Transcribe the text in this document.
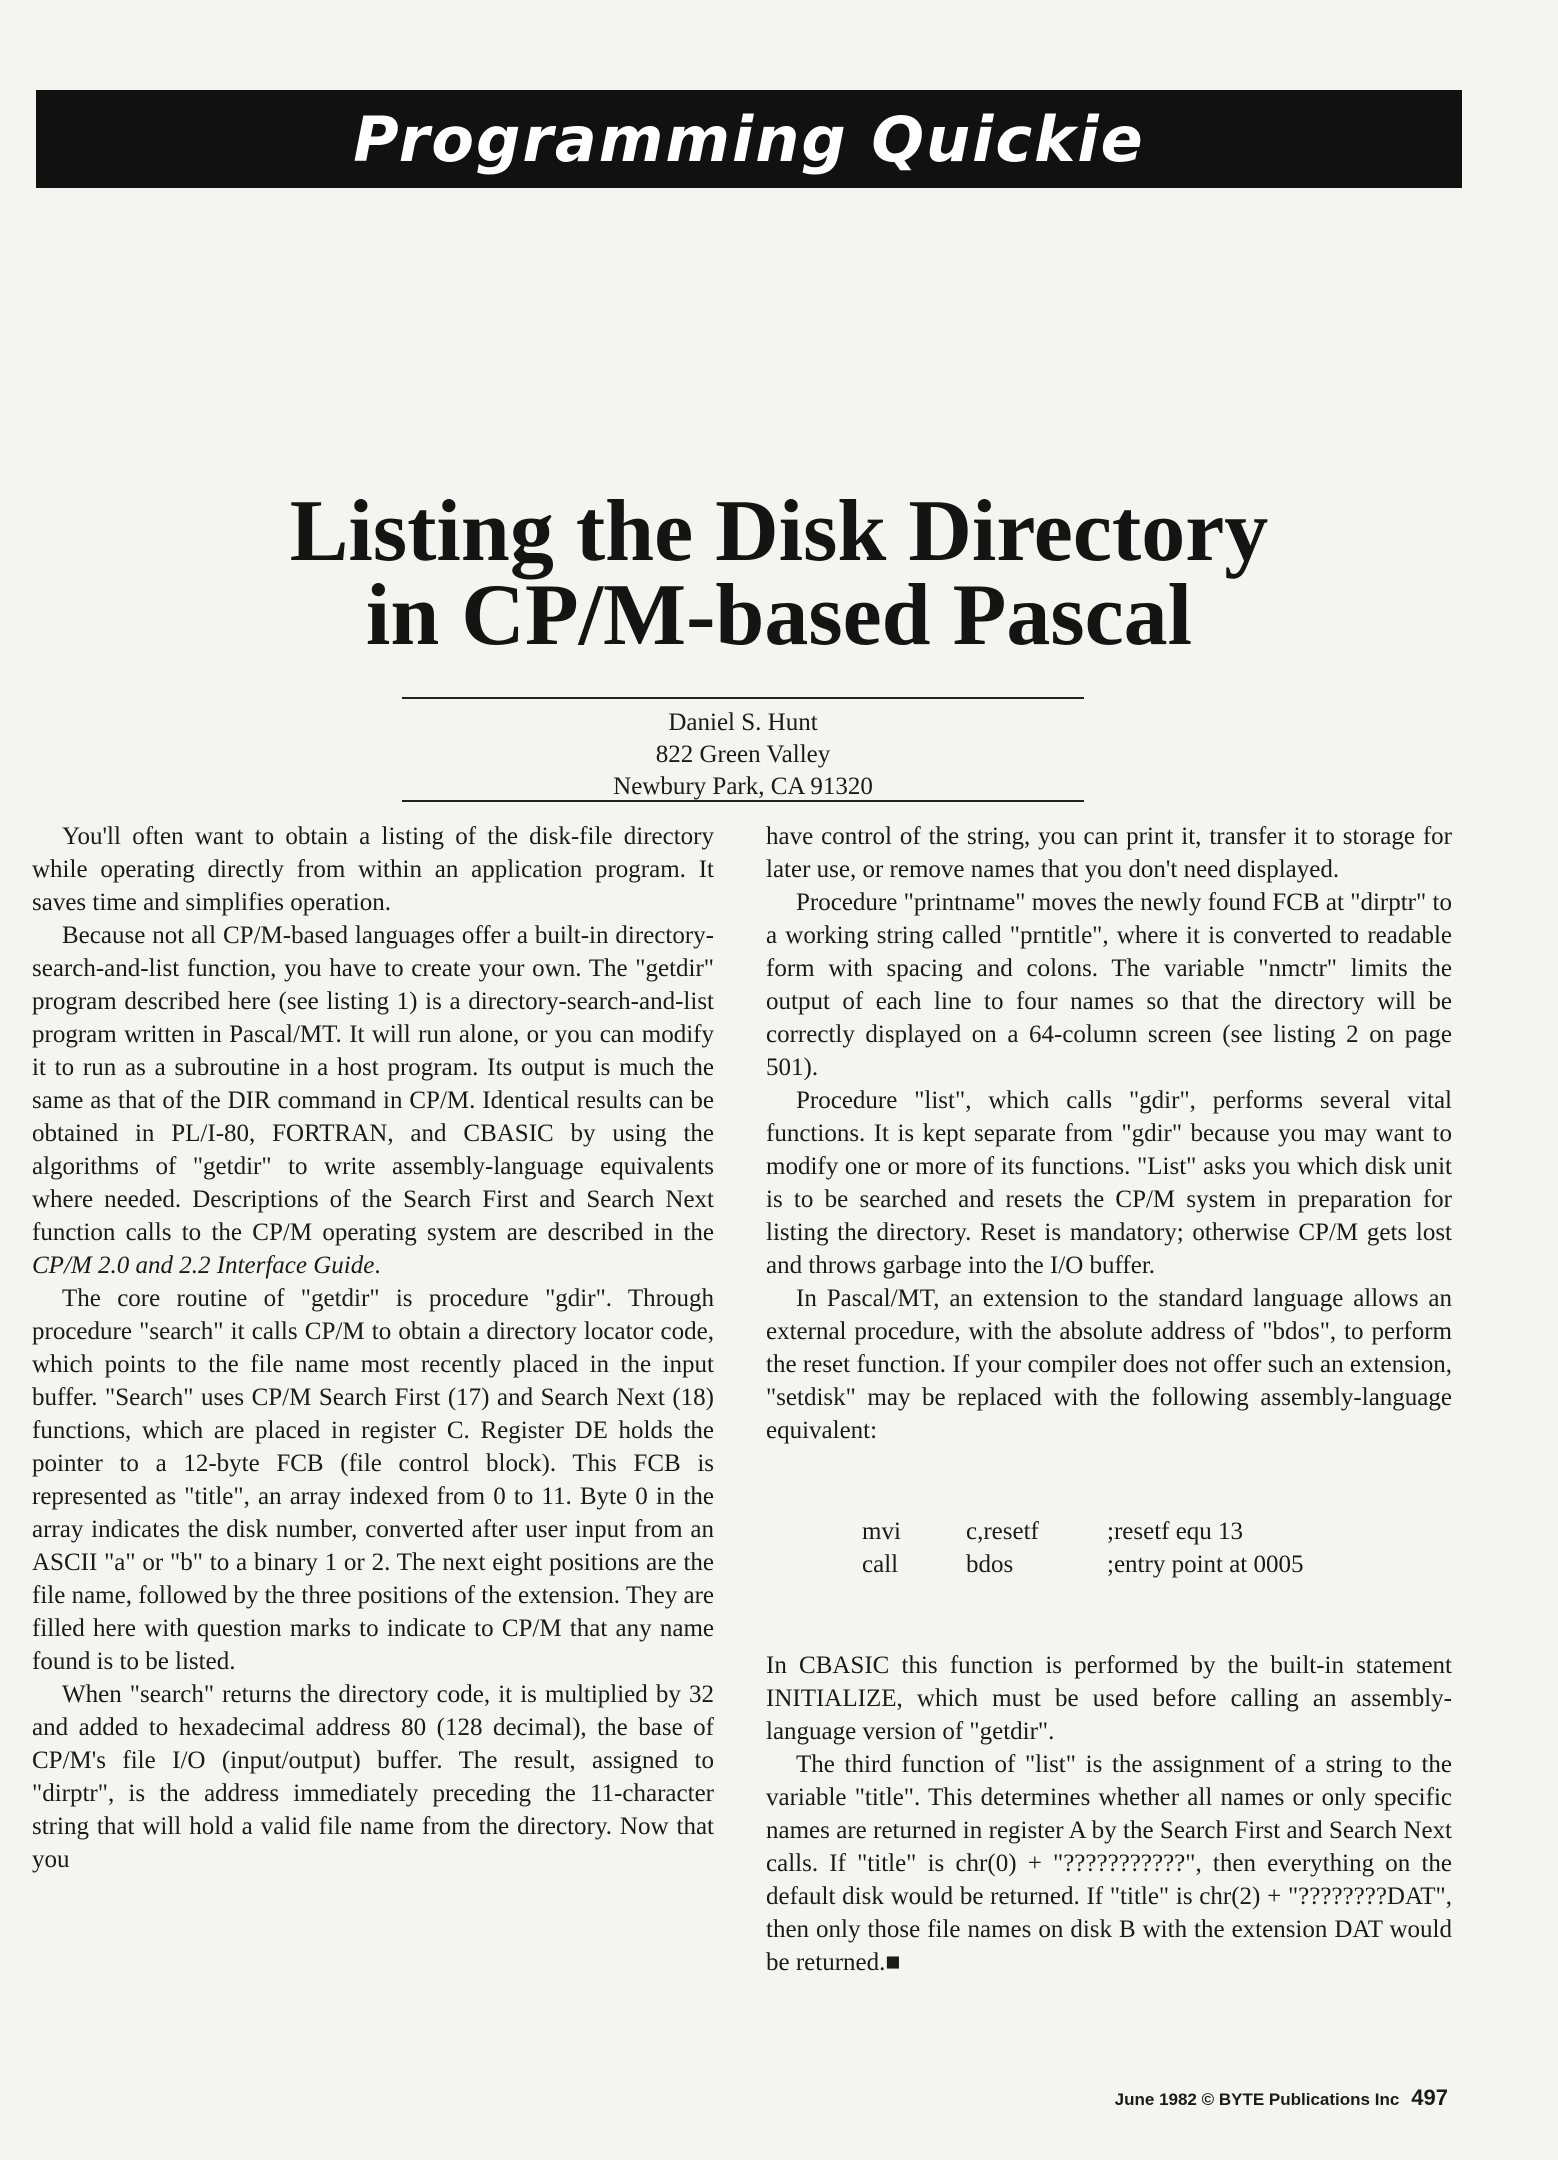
Programming Quickie
Listing the Disk Directory
in CP/M-based Pascal
Daniel S. Hunt
822 Green Valley
Newbury Park, CA 91320

You'll often want to obtain a listing of the disk-file directory while operating directly from within an application program. It saves time and simplifies operation.

Because not all CP/M-based languages offer a built-in directory-search-and-list function, you have to create your own. The "getdir" program described here (see listing 1) is a directory-search-and-list program written in Pascal/MT. It will run alone, or you can modify it to run as a subroutine in a host program. Its output is much the same as that of the DIR command in CP/M. Identical results can be obtained in PL/I-80, FORTRAN, and CBASIC by using the algorithms of "getdir" to write assembly-language equivalents where needed. Descriptions of the Search First and Search Next function calls to the CP/M operating system are described in the CP/M 2.0 and 2.2 Interface Guide.

The core routine of "getdir" is procedure "gdir". Through procedure "search" it calls CP/M to obtain a directory locator code, which points to the file name most recently placed in the input buffer. "Search" uses CP/M Search First (17) and Search Next (18) functions, which are placed in register C. Register DE holds the pointer to a 12-byte FCB (file control block). This FCB is represented as "title", an array indexed from 0 to 11. Byte 0 in the array indicates the disk number, converted after user input from an ASCII "a" or "b" to a binary 1 or 2. The next eight positions are the file name, followed by the three positions of the extension. They are filled here with question marks to indicate to CP/M that any name found is to be listed.

When "search" returns the directory code, it is multiplied by 32 and added to hexadecimal address 80 (128 decimal), the base of CP/M's file I/O (input/output) buffer. The result, assigned to "dirptr", is the address immediately preceding the 11-character string that will hold a valid file name from the directory. Now that you

have control of the string, you can print it, transfer it to storage for later use, or remove names that you don't need displayed.

Procedure "printname" moves the newly found FCB at "dirptr" to a working string called "prntitle", where it is converted to readable form with spacing and colons. The variable "nmctr" limits the output of each line to four names so that the directory will be correctly displayed on a 64-column screen (see listing 2 on page 501).

Procedure "list", which calls "gdir", performs several vital functions. It is kept separate from "gdir" because you may want to modify one or more of its functions. "List" asks you which disk unit is to be searched and resets the CP/M system in preparation for listing the directory. Reset is mandatory; otherwise CP/M gets lost and throws garbage into the I/O buffer.

In Pascal/MT, an extension to the standard language allows an external procedure, with the absolute address of "bdos", to perform the reset function. If your compiler does not offer such an extension, "setdisk" may be replaced with the following assembly-language equivalent:

mvi	c,resetf	;resetf equ 13
call	bdos	;entry point at 0005

In CBASIC this function is performed by the built-in statement INITIALIZE, which must be used before calling an assembly-language version of "getdir".

The third function of "list" is the assignment of a string to the variable "title". This determines whether all names or only specific names are returned in register A by the Search First and Search Next calls. If "title" is chr(0) + "???????????", then everything on the default disk would be returned. If "title" is chr(2) + "????????DAT", then only those file names on disk B with the extension DAT would be returned.■

June 1982 © BYTE Publications Inc 497
